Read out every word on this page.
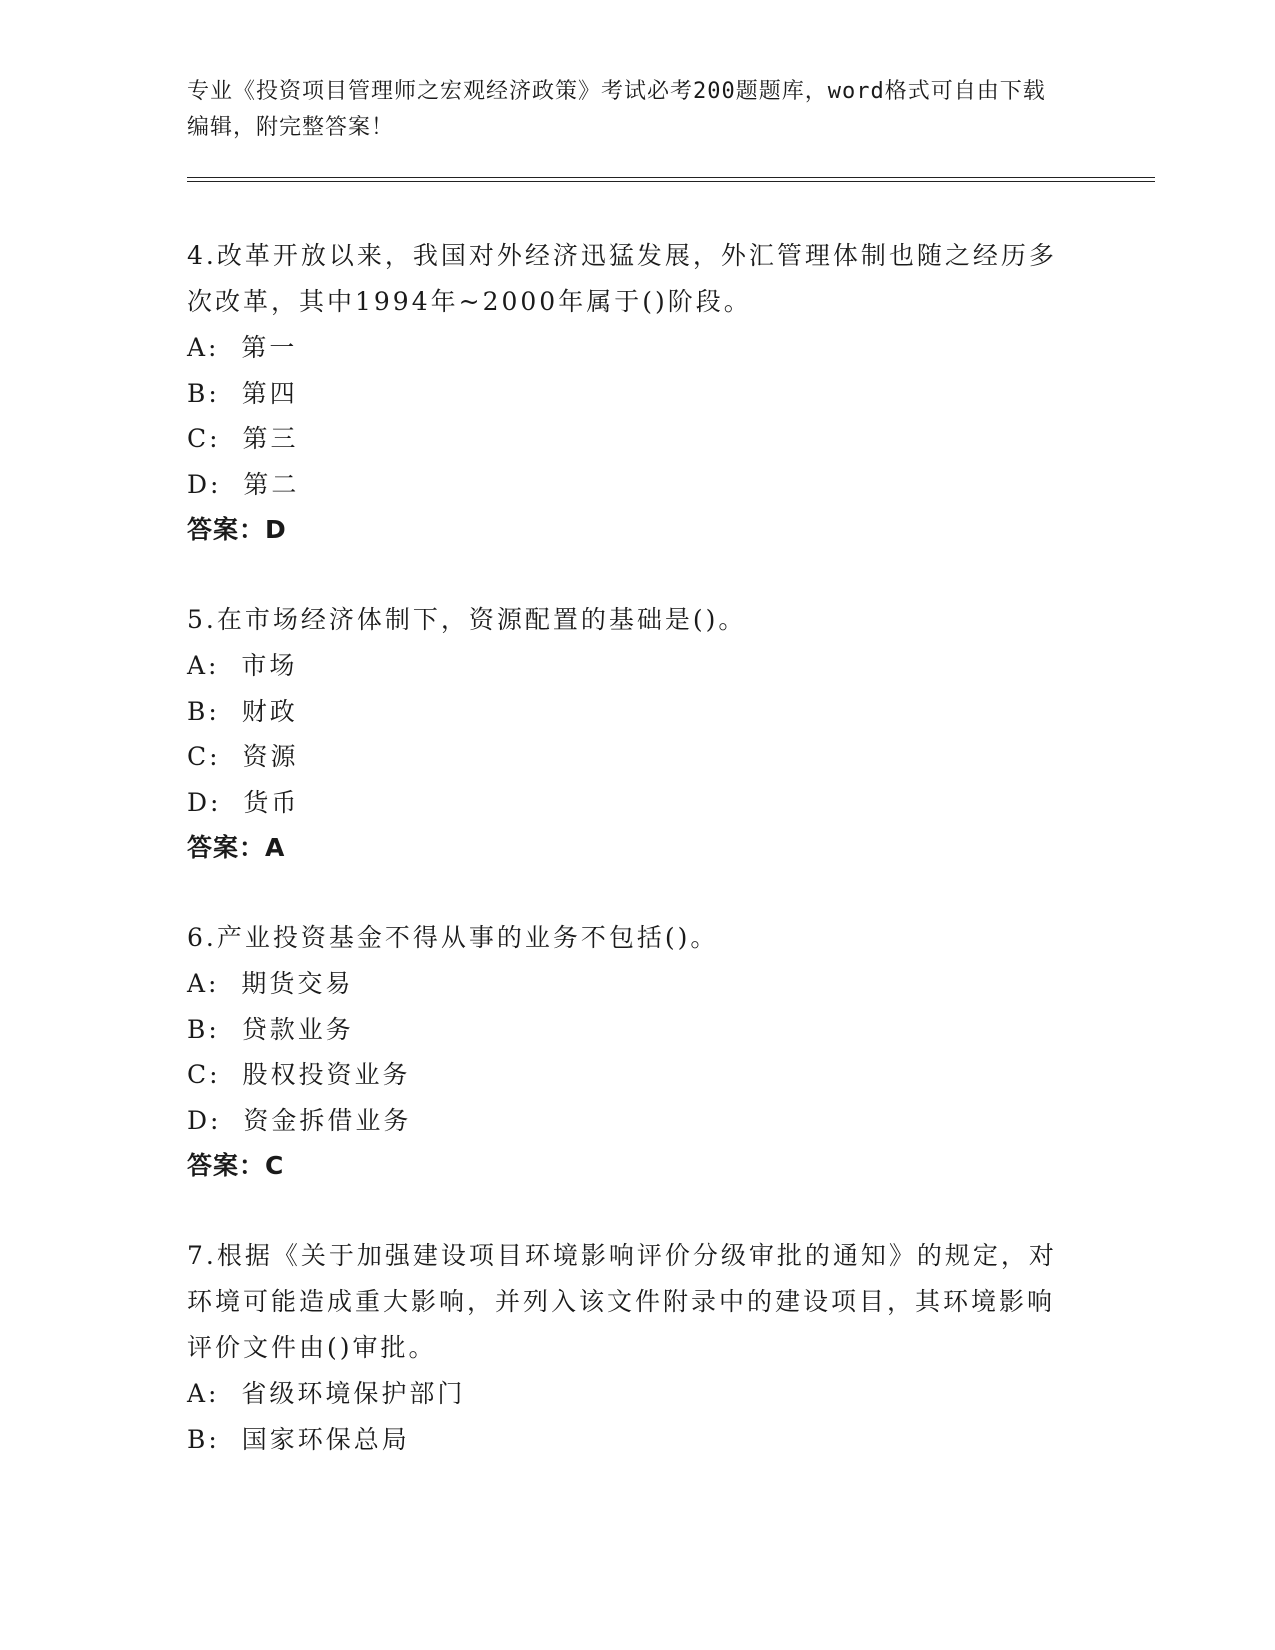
专业《投资项目管理师之宏观经济政策》考试必考200题题库，word格式可自由下载编辑，附完整答案！
4.改革开放以来，我国对外经济迅猛发展，外汇管理体制也随之经历多次改革，其中1994年~2000年属于()阶段。
A:  第一
B:  第四
C:  第三
D:  第二
答案：D
5.在市场经济体制下，资源配置的基础是()。
A:  市场
B:  财政
C:  资源
D:  货币
答案：A
6.产业投资基金不得从事的业务不包括()。
A:  期货交易
B:  贷款业务
C:  股权投资业务
D:  资金拆借业务
答案：C
7.根据《关于加强建设项目环境影响评价分级审批的通知》的规定，对环境可能造成重大影响，并列入该文件附录中的建设项目，其环境影响评价文件由()审批。
A:  省级环境保护部门
B:  国家环保总局
